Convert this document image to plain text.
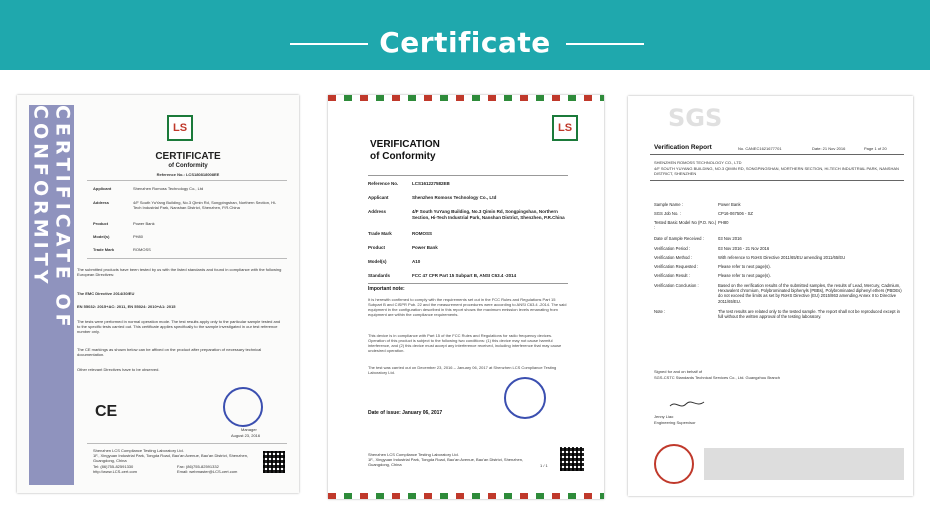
Certificate
CERTIFICATE OF CONFORMITY	LS
CERTIFICATE
of Conformity
Reference No.: LCS180818008EE
Applicant	Shenzhen Romoss Technology Co., Ltd
Address	4/F South YuYang Building, No.3 Qimin Rd, Songpingshan, Northern Section, Hi-Tech Industrial Park, Nanshan District, Shenzhen, P.R.China
Product	Power Bank
Model(s)	PH80
Trade Mark	ROMOSS
The submitted products have been tested by us with the listed standards and found in compliance with the following European Directives:
The EMC Directive 2014/30/EU
EN 55032: 2015+AC: 2011, EN 55024: 2010+A1: 2015
The tests were performed in normal operation mode. The test results apply only to the particular sample tested and to the specific tests carried out. This certificate applies specifically to the sample investigated in our test reference number only.
The CE markings as shown below can be affixed on the product after preparation of necessary technical documentation.
Other relevant Directives have to be observed.
CE
Manager
August 23, 2016
Shenzhen LCS Compliance Testing Laboratory Ltd.
1F., Xingyuan Industrial Park, Tongda Road, Bao'an Avenue, Bao'an District, Shenzhen, Guangdong, China
Tel: (86)755-82591330	Fax: (86)755-82591332
http://www.LCS-cert.com	Email: webmaster@LCS-cert.com
VERIFICATION
of Conformity
LS
Reference No.	LCS161227582EB
Applicant	Shenzhen Romoss Technology Co., Ltd
Address	4/F South YuYang Building, No.3 Qimin Rd, Songpingshan, Northern Section, Hi-Tech Industrial Park, Nanshan District, Shenzhen, P.R.China
Trade Mark	ROMOSS
Product	Power Bank
Model(s)	A10
Standards	FCC 47 CFR Part 15 Subpart B, ANSI C63.4 -2014
Important note:
It is herewith confirmed to comply with the requirements set out in the FCC Rules and Regulations Part 15 Subpart B and CISPR Pub. 22 and the measurement procedures were according to ANSI C63.4 -2014. The said equipment in the configuration described in this report shows the maximum emission levels emanating from equipment are within the compliance requirements.
This device is in compliance with Part 15 of the FCC Rules and Regulations for radio frequency devices. Operation of this product is subject to the following two conditions: (1) this device may not cause harmful interference, and (2) this device must accept any interference received, including interference that may cause undesired operation.
The test was carried out on December 23, 2016 – January 06, 2017 at Shenzhen LCS Compliance Testing Laboratory Ltd.
Date of issue: January 06, 2017
Shenzhen LCS Compliance Testing Laboratory Ltd.
1F., Xingyuan Industrial Park, Tongda Road, Bao'an Avenue, Bao'an District, Shenzhen, Guangdong, China	1 / 1
SGS
Verification Report	No. CANEC1621677701	Date: 21 Nov 2016	Page 1 of 20
SHENZHEN ROMOSS TECHNOLOGY CO., LTD
4/F SOUTH YUYANG BUILDING, NO.3 QIMIN RD, SONGPINGSHAN, NORTHERN SECTION, HI-TECH INDUSTRIAL PARK, NANSHAN DISTRICT, SHENZHEN
Sample Name :	Power Bank
SGS Job No. :	CP16-067506 - SZ
Tested Basic Model No (P.O. No.) :
PH80
Date of Sample Received :	03 Nov 2016
Verification Period :	03 Nov 2016 - 21 Nov 2016
Verification Method :	With reference to RoHS Directive 2011/65/EU amending 2011/65/EU
Verification Requested :	Please refer to next page(s).
Verification Result :	Please refer to next page(s).
Verification Conclusion :	Based on the verification results of the submitted samples, the results of Lead, Mercury, Cadmium, Hexavalent chromium, Polybrominated biphenyls (PBBs), Polybrominated diphenyl ethers (PBDEs) do not exceed the limits as set by RoHS Directive (EU) 2015/863 amending Annex II to Directive 2011/65/EU.
Note :	The test results are related only to the tested sample. The report shall not be reproduced except in full without the written approval of the testing laboratory.
Signed for and on behalf of
SGS-CSTC Standards Technical Services Co., Ltd. Guangzhou Branch
Jenny Liao
Engineering Supervisor
